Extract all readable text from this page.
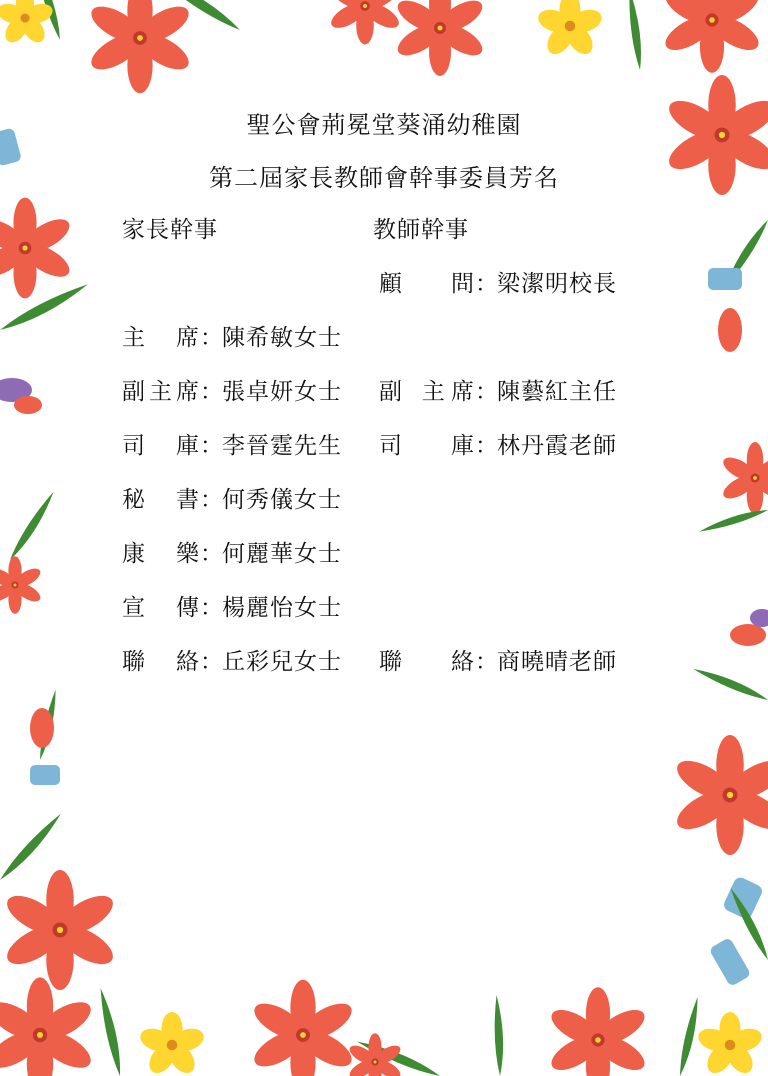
聖公會荊冕堂葵涌幼稚園
第二屆家長教師會幹事委員芳名
家長幹事	教師幹事
主　席：陳希敏女士
副主席：張卓妍女士
司　庫：李晉霆先生
秘　書：何秀儀女士
康　樂：何麗華女士
宣　傳：楊麗怡女士
聯　絡：丘彩兒女士
顧　　問：梁潔明校長
副 主席：陳藝紅主任
司　　庫：林丹霞老師
聯　　絡：商曉晴老師
